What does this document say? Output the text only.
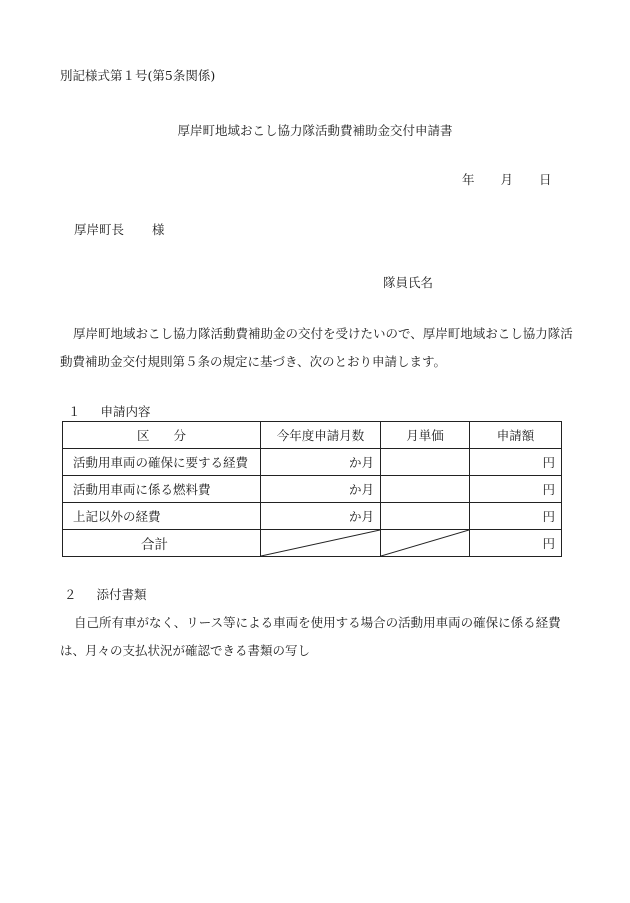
別記様式第１号(第5条関係)
厚岸町地域おこし協力隊活動費補助金交付申請書
年 月 日
厚岸町長 様
隊員氏名
厚岸町地域おこし協力隊活動費補助金の交付を受けたいので、厚岸町地域おこし協力隊活動費補助金交付規則第５条の規定に基づき、次のとおり申請します。
１ 申請内容
区 分	今年度申請月数	月単価	申請額
活動用車両の確保に要する経費	か月		円
活動用車両に係る燃料費	か月		円
上記以外の経費	か月		円
合計			円
２ 添付書類
自己所有車がなく、リース等による車両を使用する場合の活動用車両の確保に係る経費は、月々の支払状況が確認できる書類の写し
